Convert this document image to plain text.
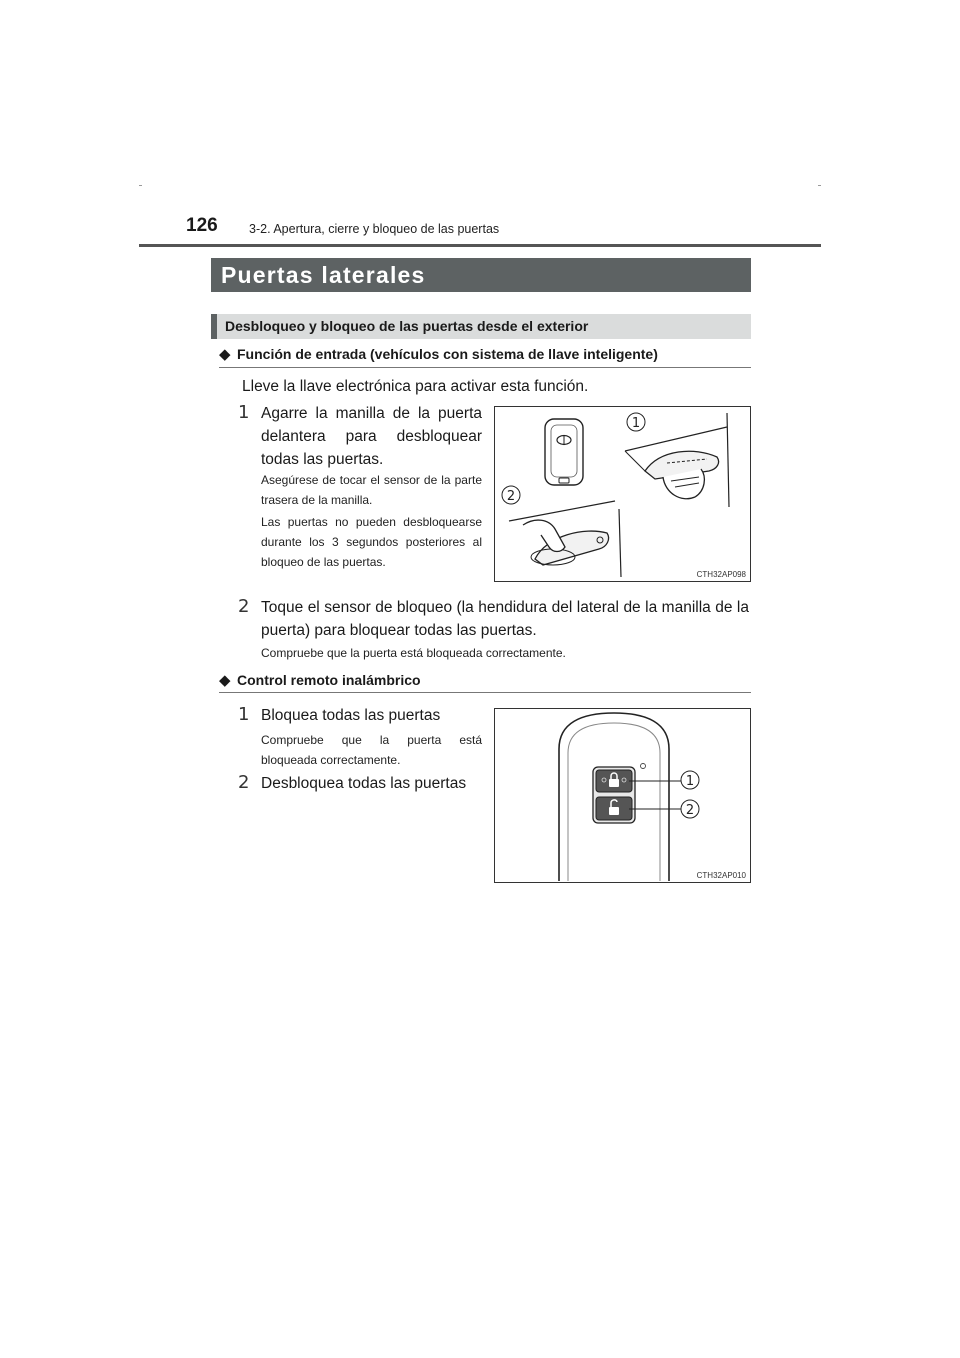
126	3-2. Apertura, cierre y bloqueo de las puertas
Puertas laterales
Desbloqueo y bloqueo de las puertas desde el exterior
◆ Función de entrada (vehículos con sistema de llave inteligente)
Lleve la llave electrónica para activar esta función.
1 Agarre la manilla de la puerta delantera para desbloquear todas las puertas.
Asegúrese de tocar el sensor de la parte trasera de la manilla.
Las puertas no pueden desbloquearse durante los 3 segundos posteriores al bloqueo de las puertas.
1
2
CTH32AP098
2 Toque el sensor de bloqueo (la hendidura del lateral de la manilla de la puerta) para bloquear todas las puertas.
Compruebe que la puerta está bloqueada correctamente.
◆ Control remoto inalámbrico
1 Bloquea todas las puertas
Compruebe que la puerta está bloqueada correctamente.
2 Desbloquea todas las puertas	1
2
CTH32AP010
